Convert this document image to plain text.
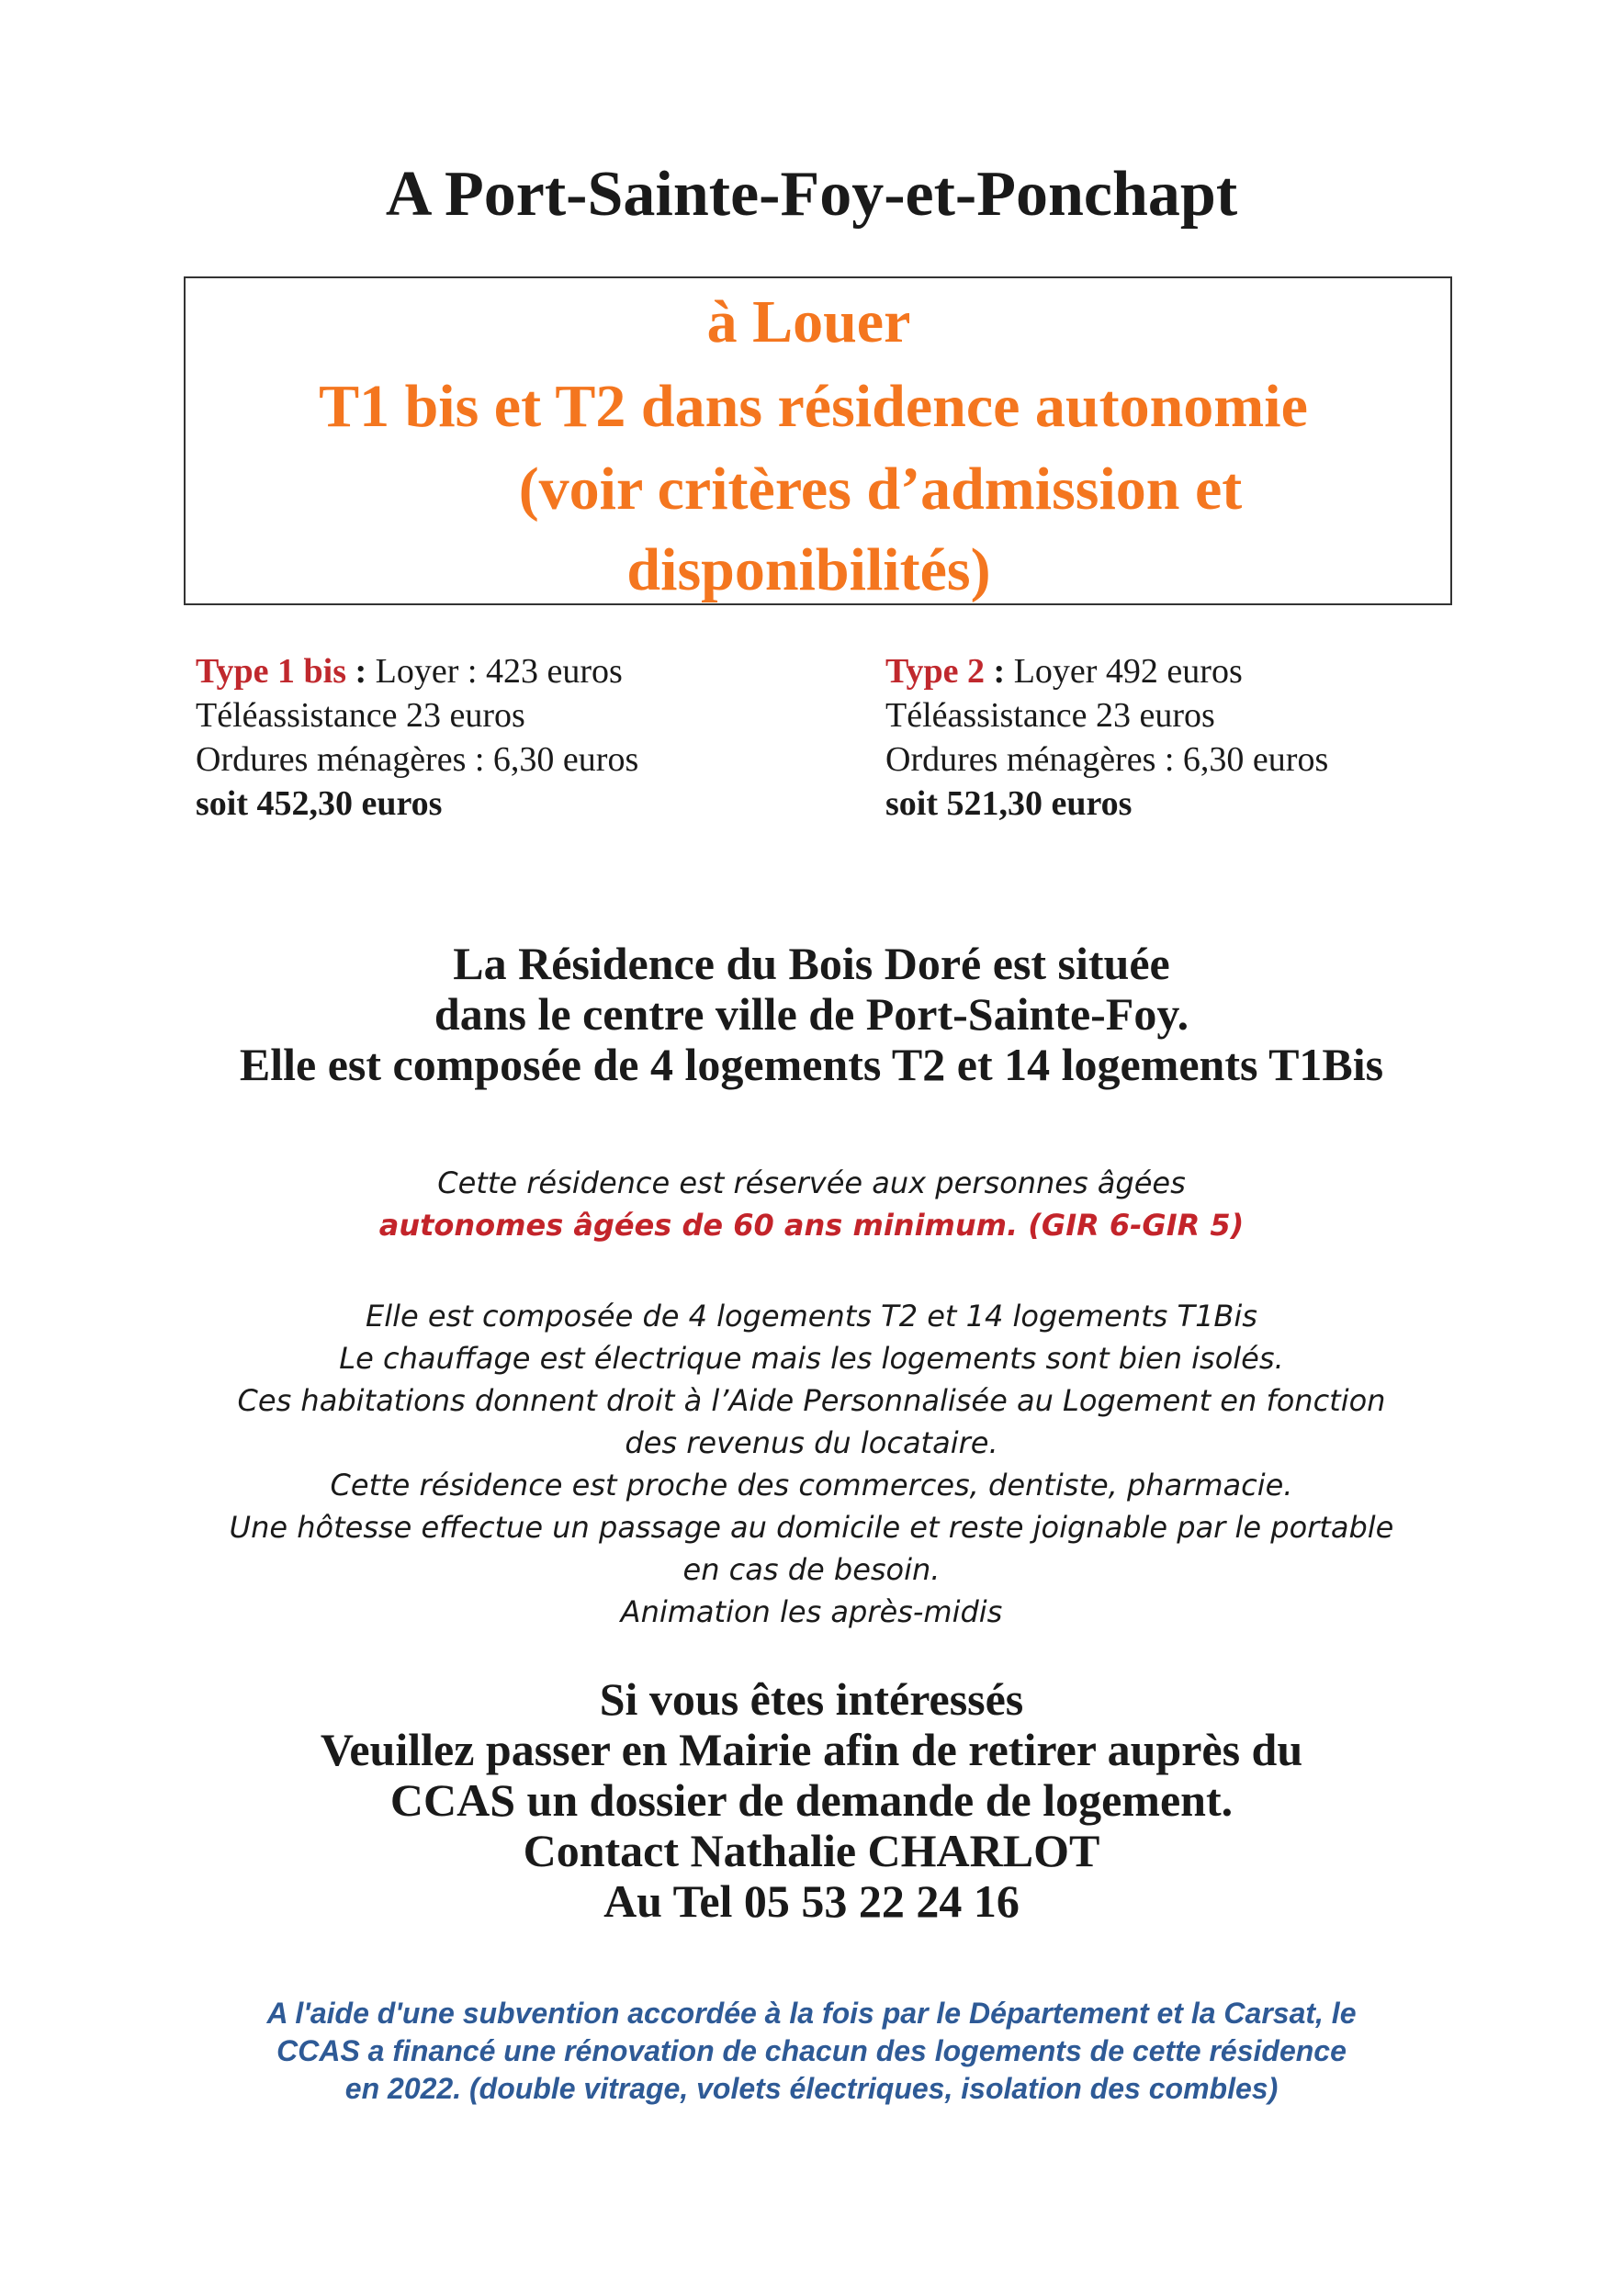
A Port-Sainte-Foy-et-Ponchapt
à Louer
T1 bis et T2 dans résidence autonomie
(voir critères d’admission et
disponibilités)
Type 1 bis : Loyer : 423 euros
Téléassistance 23 euros
Ordures ménagères : 6,30 euros
soit 452,30 euros
Type 2 : Loyer 492 euros
Téléassistance 23 euros
Ordures ménagères : 6,30 euros
soit 521,30 euros
La Résidence du Bois Doré est située
dans le centre ville de Port-Sainte-Foy.
Elle est composée de 4 logements T2 et 14 logements T1Bis
Cette résidence est réservée aux personnes âgées
autonomes âgées de 60 ans minimum. (GIR 6-GIR 5)
Elle est composée de 4 logements T2 et 14 logements T1Bis
Le chauffage est électrique mais les logements sont bien isolés.
Ces habitations donnent droit à l’Aide Personnalisée au Logement en fonction
des revenus du locataire.
Cette résidence est proche des commerces, dentiste, pharmacie.
Une hôtesse effectue un passage au domicile et reste joignable par le portable
en cas de besoin.
Animation les après-midis
Si vous êtes intéressés
Veuillez passer en Mairie afin de retirer auprès du
CCAS un dossier de demande de logement.
Contact Nathalie CHARLOT
Au Tel 05 53 22 24 16
A l'aide d'une subvention accordée à la fois par le Département et la Carsat, le
CCAS a financé une rénovation de chacun des logements de cette résidence
en 2022. (double vitrage, volets électriques, isolation des combles)
